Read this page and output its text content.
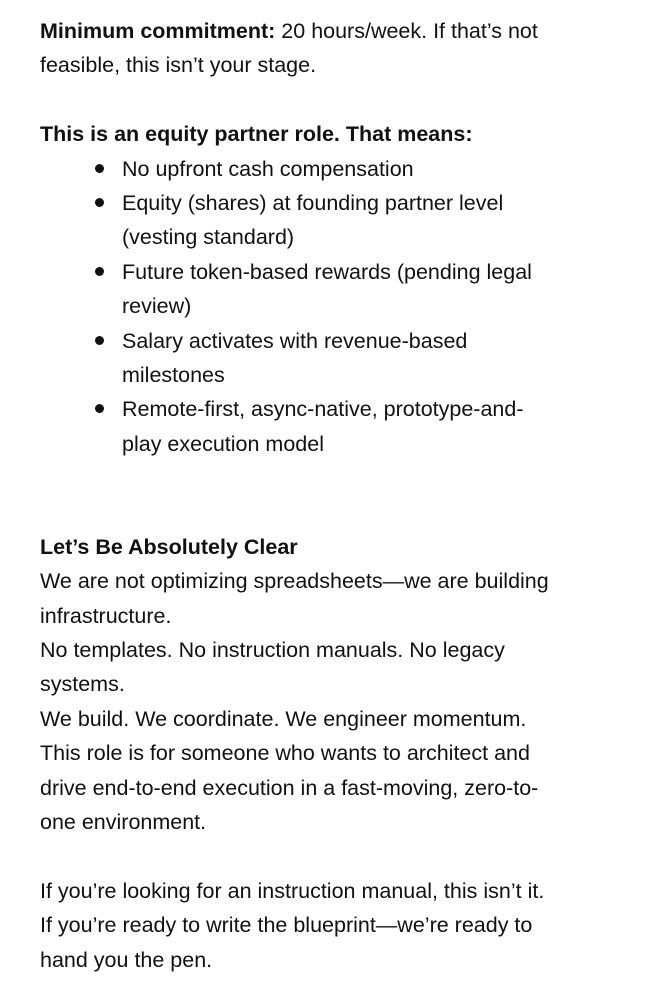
Minimum commitment: 20 hours/week. If that’s not
feasible, this isn’t your stage.
This is an equity partner role. That means:
No upfront cash compensation
Equity (shares) at founding partner level
(vesting standard)
Future token-based rewards (pending legal
review)
Salary activates with revenue-based
milestones
Remote-first, async-native, prototype-and-
play execution model
Let’s Be Absolutely Clear
We are not optimizing spreadsheets—we are building
infrastructure.
No templates. No instruction manuals. No legacy
systems.
We build. We coordinate. We engineer momentum.
This role is for someone who wants to architect and
drive end-to-end execution in a fast-moving, zero-to-
one environment.
If you’re looking for an instruction manual, this isn’t it.
If you’re ready to write the blueprint—we’re ready to
hand you the pen.
